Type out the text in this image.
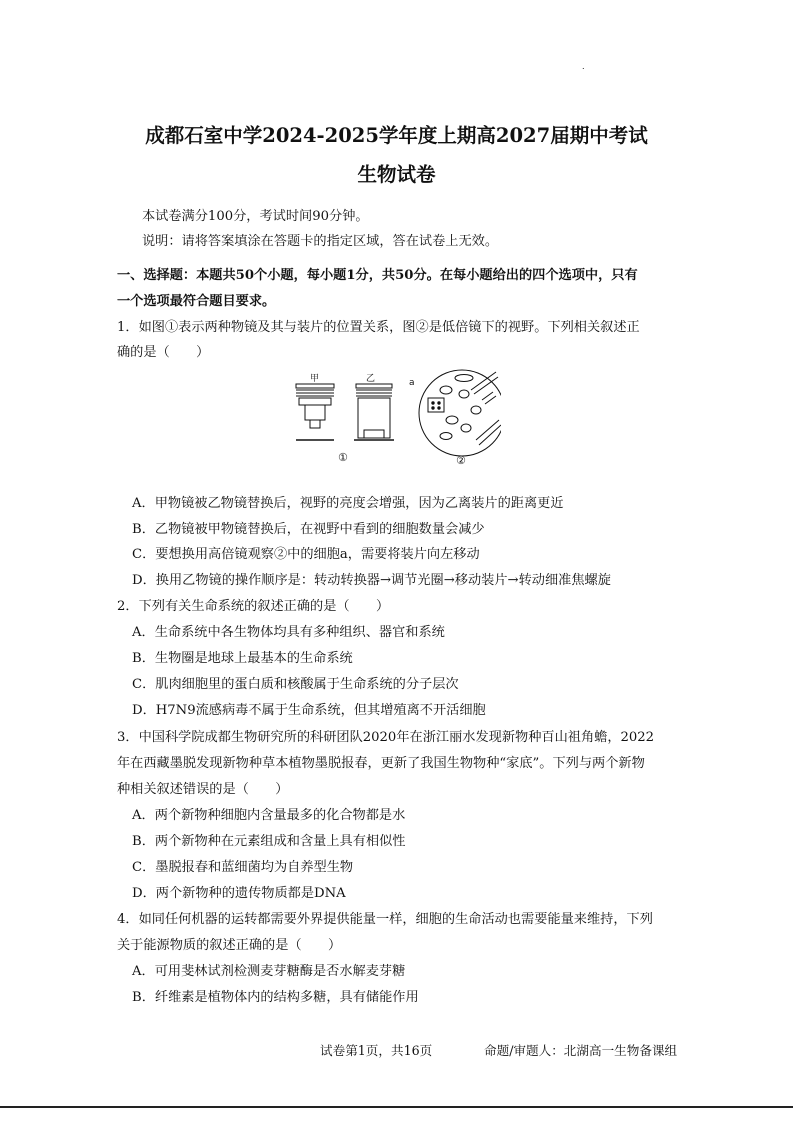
.
成都石室中学2024-2025学年度上期高2027届期中考试
生物试卷
本试卷满分100分，考试时间90分钟。
说明：请将答案填涂在答题卡的指定区域，答在试卷上无效。
一、选择题：本题共50个小题，每小题1分，共50分。在每小题给出的四个选项中，只有
一个选项最符合题目要求。
1．如图①表示两种物镜及其与装片的位置关系，图②是低倍镜下的视野。下列相关叙述正
确的是（　　）
甲	乙	a
①	②
A．甲物镜被乙物镜替换后，视野的亮度会增强，因为乙离装片的距离更近
B．乙物镜被甲物镜替换后，在视野中看到的细胞数量会减少
C．要想换用高倍镜观察②中的细胞a，需要将装片向左移动
D．换用乙物镜的操作顺序是：转动转换器→调节光圈→移动装片→转动细准焦螺旋
2．下列有关生命系统的叙述正确的是（　　）
A．生命系统中各生物体均具有多种组织、器官和系统
B．生物圈是地球上最基本的生命系统
C．肌肉细胞里的蛋白质和核酸属于生命系统的分子层次
D．H7N9流感病毒不属于生命系统，但其增殖离不开活细胞
3．中国科学院成都生物研究所的科研团队2020年在浙江丽水发现新物种百山祖角蟾，2022
年在西藏墨脱发现新物种草本植物墨脱报春，更新了我国生物物种“家底”。下列与两个新物
种相关叙述错误的是（　　）
A．两个新物种细胞内含量最多的化合物都是水
B．两个新物种在元素组成和含量上具有相似性
C．墨脱报春和蓝细菌均为自养型生物
D．两个新物种的遗传物质都是DNA
4．如同任何机器的运转都需要外界提供能量一样，细胞的生命活动也需要能量来维持，下列
关于能源物质的叙述正确的是（　　）
A．可用斐林试剂检测麦芽糖酶是否水解麦芽糖
B．纤维素是植物体内的结构多糖，具有储能作用
试卷第1页，共16页	命题/审题人：北湖高一生物备课组
